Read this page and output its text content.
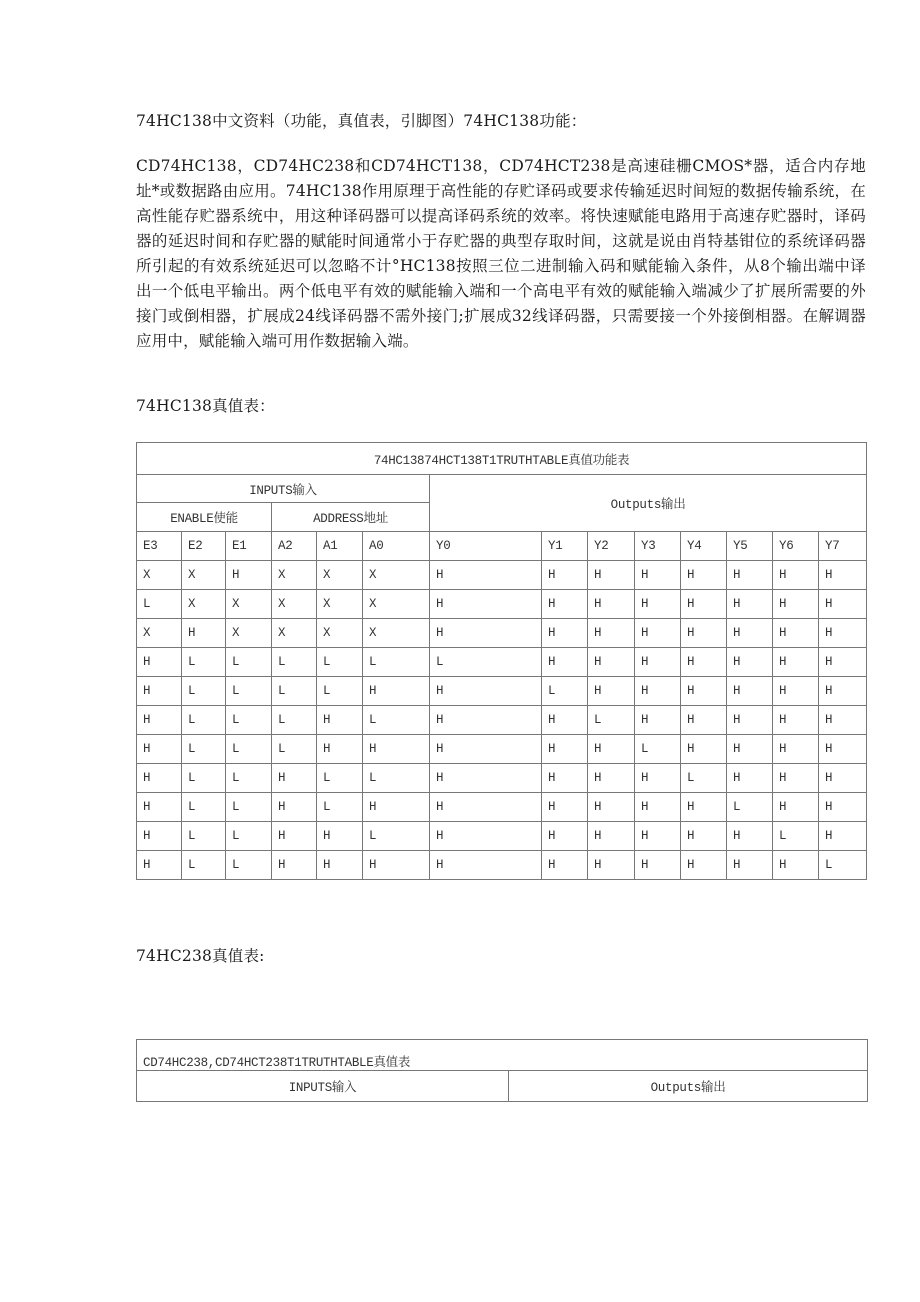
74HC138中文资料（功能，真值表，引脚图）74HC138功能：

CD74HC138，CD74HC238和CD74HCT138，CD74HCT238是高速硅栅CMOS*器，适合内存地址*或数据路由应用。74HC138作用原理于高性能的存贮译码或要求传输延迟时间短的数据传输系统，在高性能存贮器系统中，用这种译码器可以提高译码系统的效率。将快速赋能电路用于高速存贮器时，译码器的延迟时间和存贮器的赋能时间通常小于存贮器的典型存取时间，这就是说由肖特基钳位的系统译码器所引起的有效系统延迟可以忽略不计°HC138按照三位二进制输入码和赋能输入条件，从8个输出端中译出一个低电平输出。两个低电平有效的赋能输入端和一个高电平有效的赋能输入端减少了扩展所需要的外接门或倒相器，扩展成24线译码器不需外接门;扩展成32线译码器，只需要接一个外接倒相器。在解调器应用中，赋能输入端可用作数据输入端。

74HC138真值表：

74HC13874HCT138T1TRUTHTABLE真值功能表													
INPUTS输入						Outputs输出							
ENABLE使能			ADDRESS地址										
E3	E2	E1	A2	A1	A0	Y0	Y1	Y2	Y3	Y4	Y5	Y6	Y7
X	X	H	X	X	X	H	H	H	H	H	H	H	H
L	X	X	X	X	X	H	H	H	H	H	H	H	H
X	H	X	X	X	X	H	H	H	H	H	H	H	H
H	L	L	L	L	L	L	H	H	H	H	H	H	H
H	L	L	L	L	H	H	L	H	H	H	H	H	H
H	L	L	L	H	L	H	H	L	H	H	H	H	H
H	L	L	L	H	H	H	H	H	L	H	H	H	H
H	L	L	H	L	L	H	H	H	H	L	H	H	H
H	L	L	H	L	H	H	H	H	H	H	L	H	H
H	L	L	H	H	L	H	H	H	H	H	H	L	H
H	L	L	H	H	H	H	H	H	H	H	H	H	L

74HC238真值表:

CD74HC238,CD74HCT238T1TRUTHTABLE真值表
INPUTS输入	Outputs输出
